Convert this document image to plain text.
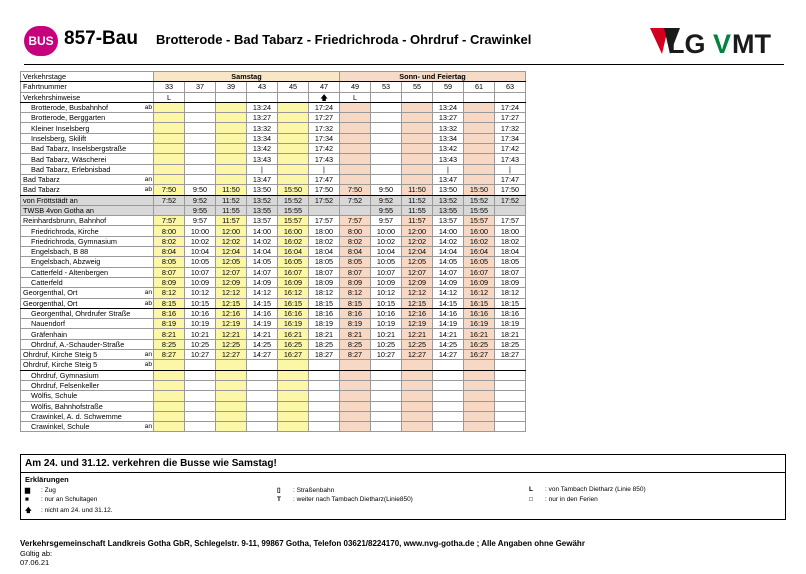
BUS 857-Bau Brotterode - Bad Tabarz - Friedrichroda - Ohrdruf - Crawinkel	LG V MT
Verkehrstage		Samstag						Sonn- und Feiertag					
Fahrtnummer		33	37	39	43	45	47	49	53	55	59	61	63
Verkehrshinweise		L					🡅	L					
Brotterode, Busbahnhof	ab				13:24		17:24				13:24		17:24
Brotterode, Berggarten					13:27		17:27				13:27		17:27
Kleiner Inselsberg					13:32		17:32				13:32		17:32
Inselsberg, Skilift					13:34		17:34				13:34		17:34
Bad Tabarz, Inselsbergstraße					13:42		17:42				13:42		17:42
Bad Tabarz, Wäscherei					13:43		17:43				13:43		17:43
Bad Tabarz, Erlebnisbad					|		|				|		|
Bad Tabarz	an				13:47		17:47				13:47		17:47
Bad Tabarz	ab	7:50	9:50	11:50	13:50	15:50	17:50	7:50	9:50	11:50	13:50	15:50	17:50
von Fröttstädt an		7:52	9:52	11:52	13:52	15:52	17:52	7:52	9:52	11:52	13:52	15:52	17:52
TWSB 4von Gotha an			9:55	11:55	13:55	15:55			9:55	11:55	13:55	15:55	
Reinhardsbrunn, Bahnhof		7:57	9:57	11:57	13:57	15:57	17:57	7:57	9:57	11:57	13:57	15:57	17:57
Friedrichroda, Kirche		8:00	10:00	12:00	14:00	16:00	18:00	8:00	10:00	12:00	14:00	16:00	18:00
Friedrichroda, Gymnasium		8:02	10:02	12:02	14:02	16:02	18:02	8:02	10:02	12:02	14:02	16:02	18:02
Engelsbach, B 88		8:04	10:04	12:04	14:04	16:04	18:04	8:04	10:04	12:04	14:04	16:04	18:04
Engelsbach, Abzweig		8:05	10:05	12:05	14:05	16:05	18:05	8:05	10:05	12:05	14:05	16:05	18:05
Catterfeld - Altenbergen		8:07	10:07	12:07	14:07	16:07	18:07	8:07	10:07	12:07	14:07	16:07	18:07
Catterfeld		8:09	10:09	12:09	14:09	16:09	18:09	8:09	10:09	12:09	14:09	16:09	18:09
Georgenthal, Ort	an	8:12	10:12	12:12	14:12	16:12	18:12	8:12	10:12	12:12	14:12	16:12	18:12
Georgenthal, Ort	ab	8:15	10:15	12:15	14:15	16:15	18:15	8:15	10:15	12:15	14:15	16:15	18:15
Georgenthal, Ohrdrufer Straße		8:16	10:16	12:16	14:16	16:16	18:16	8:16	10:16	12:16	14:16	16:16	18:16
Nauendorf		8:19	10:19	12:19	14:19	16:19	18:19	8:19	10:19	12:19	14:19	16:19	18:19
Gräfenhain		8:21	10:21	12:21	14:21	16:21	18:21	8:21	10:21	12:21	14:21	16:21	18:21
Ohrdruf, A.-Schauder-Straße		8:25	10:25	12:25	14:25	16:25	18:25	8:25	10:25	12:25	14:25	16:25	18:25
Ohrdruf, Kirche Steig 5	an	8:27	10:27	12:27	14:27	16:27	18:27	8:27	10:27	12:27	14:27	16:27	18:27
Ohrdruf, Kirche Steig 5	ab												
Ohrdruf, Gymnasium													
Ohrdruf, Felsenkeller													
Wölfis, Schule													
Wölfis, Bahnhofstraße													
Crawinkel, A. d. Schwemme													
Crawinkel, Schule	an												
Am 24. und 31.12. verkehren die Busse wie Samstag!
Erklärungen
▆ : Zug
■ : nur an Schultagen
🡅 : nicht am 24. und 31.12.
▯ : Straßenbahn
T : weiter nach Tambach Dietharz(Linie850)
L : von Tambach Dietharz (Linie 850)
□ : nur in den Ferien
Verkehrsgemeinschaft Landkreis Gotha GbR, Schlegelstr. 9-11, 99867 Gotha, Telefon 03621/8224170, www.nvg-gotha.de ; Alle Angaben ohne Gewähr
Gültig ab:
07.06.21
